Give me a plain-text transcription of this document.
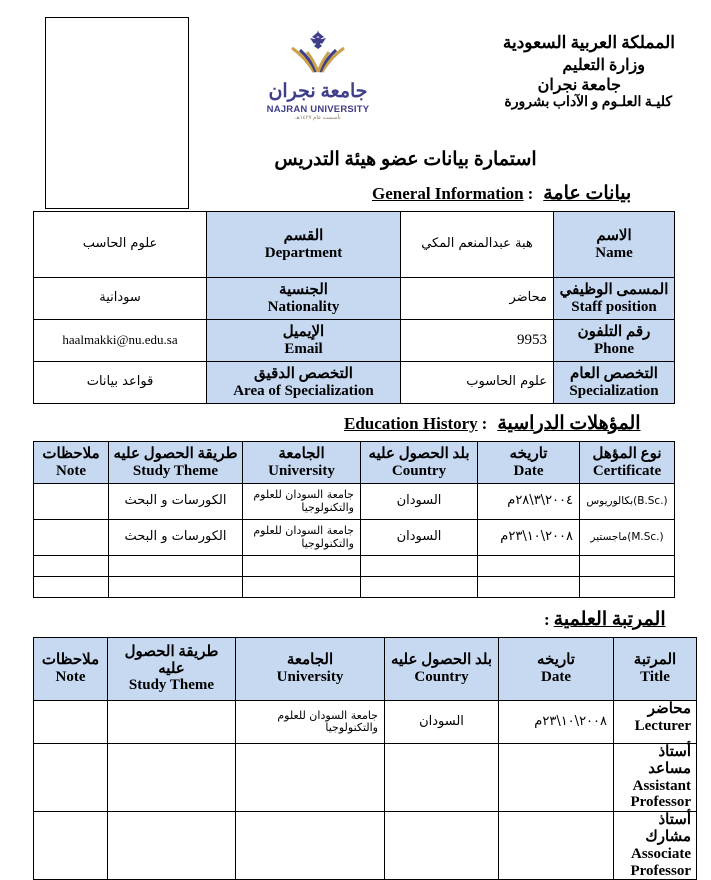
جامعة نجران
NAJRAN UNIVERSITY
تأسست عام ١٤٢٧هـ
المملكة العربية السعودية
وزارة التعليم
جامعة نجران
كليـة العلـوم و الآداب بشرورة
استمارة بيانات عضو هيئة التدريس
General Information : بيانات عامة
علوم الحاسب	القسم
Department	هبة عبدالمنعم المكي	الاسم
Name

سودانية	الجنسية
Nationality	محاضر	المسمى الوظيفي
Staff position

haalmakki@nu.edu.sa	الإيميل
Email	9953	رقم التلفون
Phone

قواعد بيانات	التخصص الدقيق
Area of Specialization	علوم الحاسوب	التخصص العام
Specialization
Education History : المؤهلات الدراسية
ملاحظات
Note	طريقة الحصول عليه
Study Theme	الجامعة
University	بلد الحصول عليه
Country	تاريخه
Date	نوع المؤهل
Certificate

	الكورسات و البحث	جامعة السودان للعلوم والتكنولوجيا	السودان	٢٠٠٤\٣\٢٨م	بكالوريوس(B.Sc.)
	الكورسات و البحث	جامعة السودان للعلوم والتكنولوجيا	السودان	٢٠٠٨\١٠\٢٣م	ماجستير(M.Sc.)

: المرتبة العلمية
ملاحظات
Note	طريقة الحصول عليه
Study Theme	الجامعة
University	بلد الحصول عليه
Country	تاريخه
Date	المرتبة
Title

		جامعة السودان للعلوم والتكنولوجيا	السودان	٢٠٠٨\١٠\٢٣م	محاضر
Lecturer

					أستاذ مساعد
Assistant Professor

					أستاذ مشارك
Associate Professor
